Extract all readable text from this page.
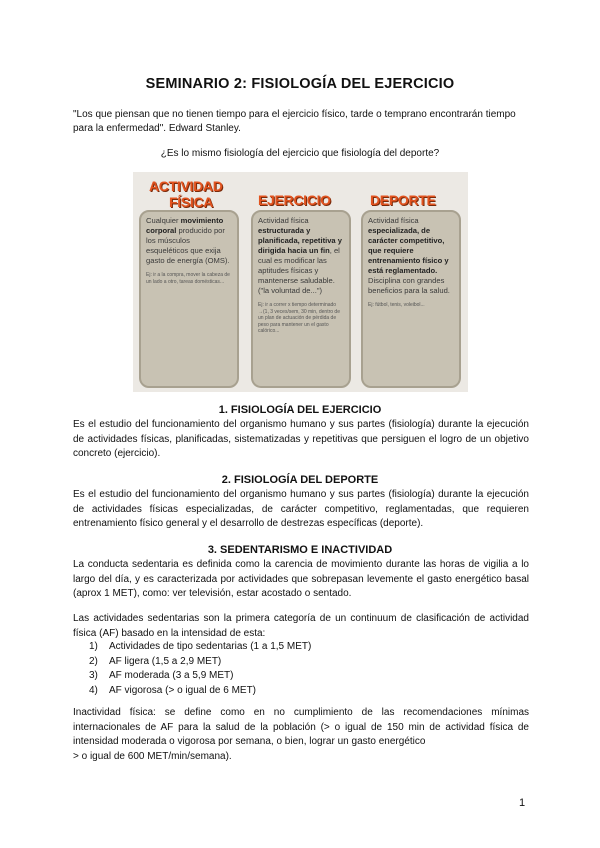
SEMINARIO 2: FISIOLOGÍA DEL EJERCICIO
"Los que piensan que no tienen tiempo para el ejercicio físico, tarde o temprano encontrarán tiempo para la enfermedad". Edward Stanley.
¿Es lo mismo fisiología del ejercicio que fisiología del deporte?
ACTIVIDAD
FÍSICA	EJERCICIO	DEPORTE
Cualquier movimiento corporal producido por los músculos esqueléticos que exija gasto de energía (OMS).
Ej: ir a la compra, mover la cabeza de un lado a otro, tareas domésticas...
Actividad física estructurada y planificada, repetitiva y dirigida hacia un fin, el cual es modificar las aptitudes físicas y mantenerse saludable. ("la voluntad de...")
Ej: ir a correr x tiempo determinado →(1, 3 veces/sem, 30 min, dentro de un plan de actuación de pérdida de peso para mantener un el gasto calórico...
Actividad física especializada, de carácter competitivo, que requiere entrenamiento físico y está reglamentado. Disciplina con grandes beneficios para la salud.
Ej: fútbol, tenis, voleibol...
1. FISIOLOGÍA DEL EJERCICIO
Es el estudio del funcionamiento del organismo humano y sus partes (fisiología) durante la ejecución de actividades físicas, planificadas, sistematizadas y repetitivas que persiguen el logro de un objetivo concreto (ejercicio).
2. FISIOLOGÍA DEL DEPORTE
Es el estudio del funcionamiento del organismo humano y sus partes (fisiología) durante la ejecución de actividades físicas especializadas, de carácter competitivo, reglamentadas, que requieren entrenamiento físico general y el desarrollo de destrezas específicas (deporte).
3. SEDENTARISMO E INACTIVIDAD
La conducta sedentaria es definida como la carencia de movimiento durante las horas de vigilia a lo largo del día, y es caracterizada por actividades que sobrepasan levemente el gasto energético basal (aprox 1 MET), como: ver televisión, estar acostado o sentado.
Las actividades sedentarias son la primera categoría de un continuum de clasificación de actividad física (AF) basado en la intensidad de esta:
1)	Actividades de tipo sedentarias (1 a 1,5 MET)
2)	AF ligera (1,5 a 2,9 MET)
3)	AF moderada (3 a 5,9 MET)
4)	AF vigorosa (> o igual de 6 MET)
Inactividad física: se define como en no cumplimiento de las recomendaciones mínimas internacionales de AF para la salud de la población (> o igual de 150 min de actividad física de intensidad moderada o vigorosa por semana, o bien, lograr un gasto energético
> o igual de 600 MET/min/semana).
1
